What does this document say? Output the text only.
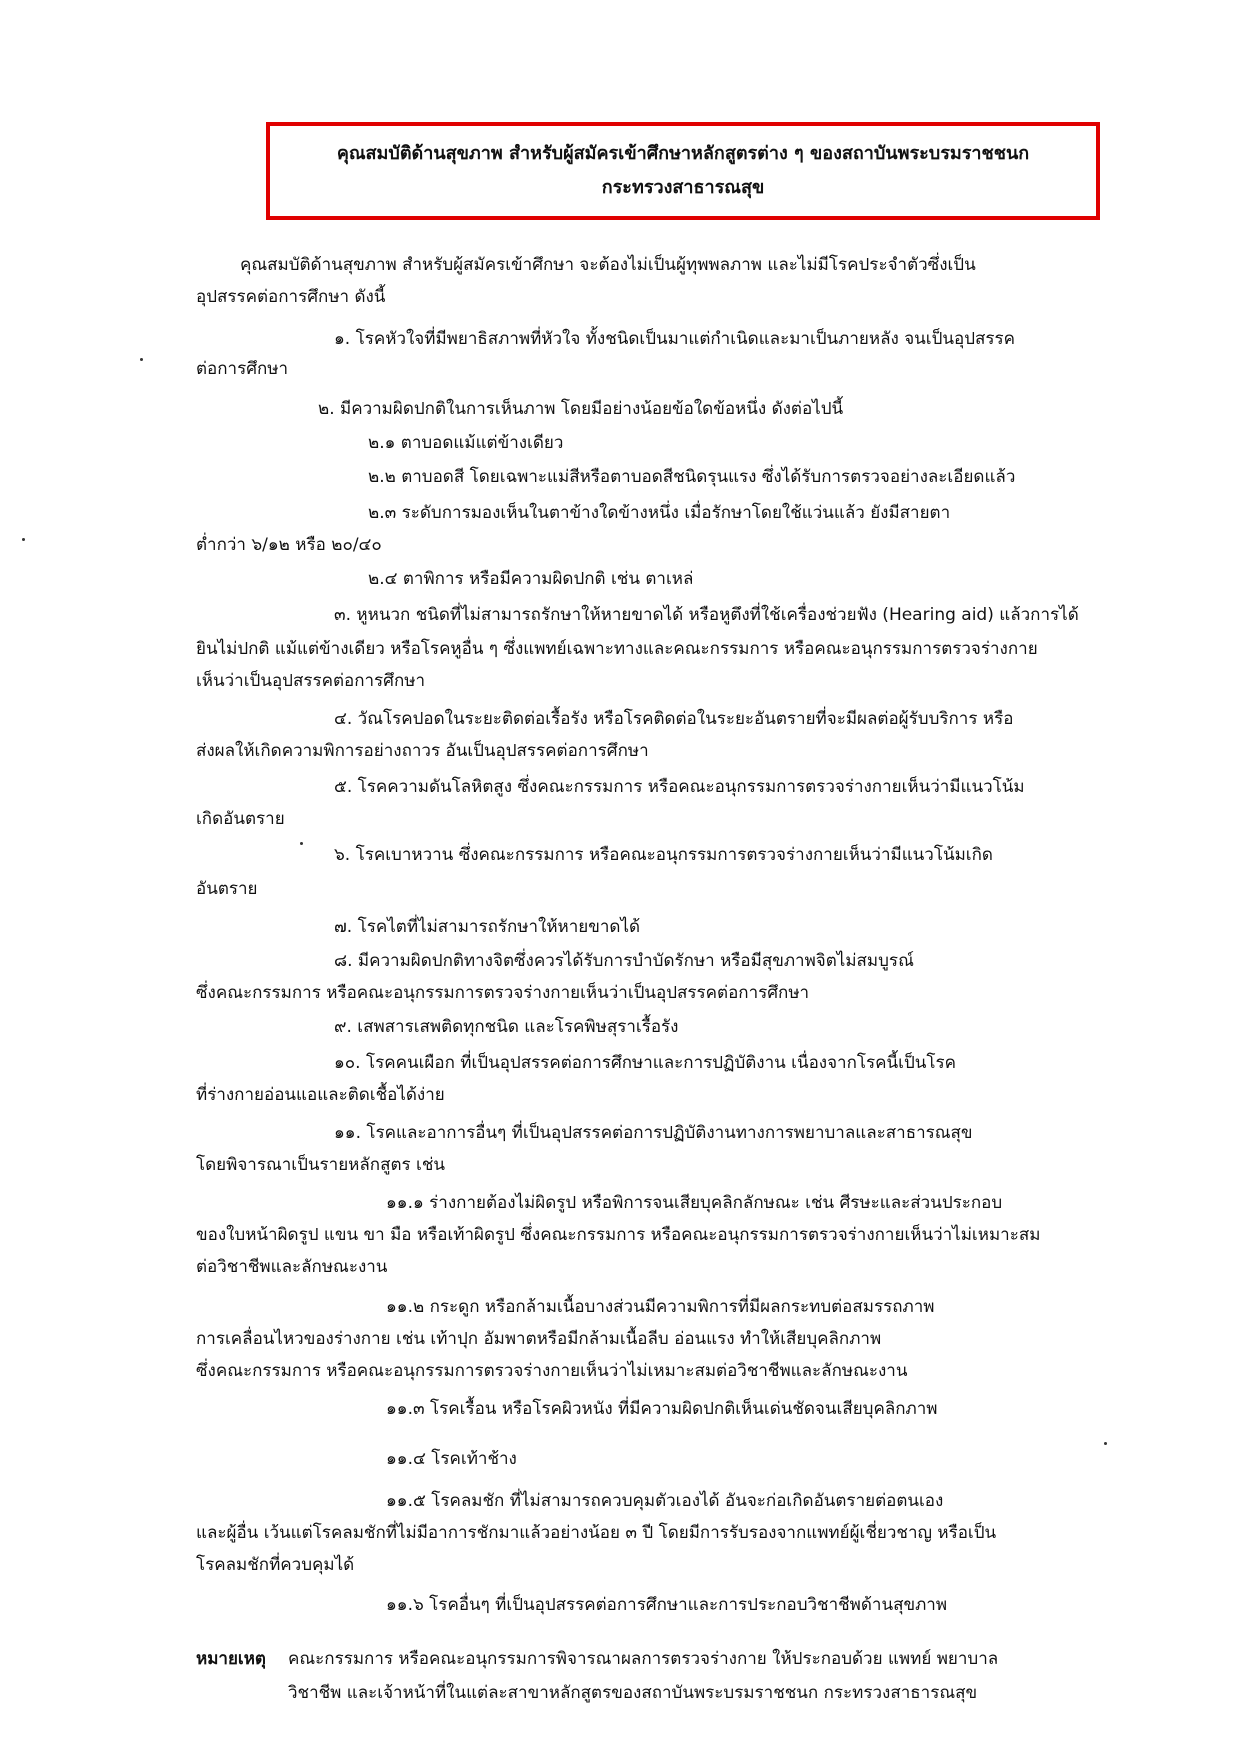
คุณสมบัติด้านสุขภาพ สำหรับผู้สมัครเข้าศึกษาหลักสูตรต่าง ๆ ของสถาบันพระบรมราชชนก
กระทรวงสาธารณสุข
คุณสมบัติด้านสุขภาพ สำหรับผู้สมัครเข้าศึกษา จะต้องไม่เป็นผู้ทุพพลภาพ และไม่มีโรคประจำตัวซึ่งเป็น
อุปสรรคต่อการศึกษา ดังนี้
๑. โรคหัวใจที่มีพยาธิสภาพที่หัวใจ ทั้งชนิดเป็นมาแต่กำเนิดและมาเป็นภายหลัง จนเป็นอุปสรรค
ต่อการศึกษา
๒. มีความผิดปกติในการเห็นภาพ โดยมีอย่างน้อยข้อใดข้อหนึ่ง ดังต่อไปนี้
๒.๑ ตาบอดแม้แต่ข้างเดียว
๒.๒ ตาบอดสี โดยเฉพาะแม่สีหรือตาบอดสีชนิดรุนแรง ซึ่งได้รับการตรวจอย่างละเอียดแล้ว
๒.๓ ระดับการมองเห็นในตาข้างใดข้างหนึ่ง เมื่อรักษาโดยใช้แว่นแล้ว ยังมีสายตา
ต่ำกว่า ๖/๑๒ หรือ ๒๐/๔๐
๒.๔ ตาพิการ หรือมีความผิดปกติ เช่น ตาเหล่
๓. หูหนวก ชนิดที่ไม่สามารถรักษาให้หายขาดได้ หรือหูตึงที่ใช้เครื่องช่วยฟัง (Hearing aid) แล้วการได้
ยินไม่ปกติ แม้แต่ข้างเดียว หรือโรคหูอื่น ๆ ซึ่งแพทย์เฉพาะทางและคณะกรรมการ หรือคณะอนุกรรมการตรวจร่างกาย
เห็นว่าเป็นอุปสรรคต่อการศึกษา
๔. วัณโรคปอดในระยะติดต่อเรื้อรัง หรือโรคติดต่อในระยะอันตรายที่จะมีผลต่อผู้รับบริการ หรือ
ส่งผลให้เกิดความพิการอย่างถาวร อันเป็นอุปสรรคต่อการศึกษา
๕. โรคความดันโลหิตสูง ซึ่งคณะกรรมการ หรือคณะอนุกรรมการตรวจร่างกายเห็นว่ามีแนวโน้ม
เกิดอันตราย
๖. โรคเบาหวาน ซึ่งคณะกรรมการ หรือคณะอนุกรรมการตรวจร่างกายเห็นว่ามีแนวโน้มเกิด
อันตราย
๗. โรคไตที่ไม่สามารถรักษาให้หายขาดได้
๘. มีความผิดปกติทางจิตซึ่งควรได้รับการบำบัดรักษา หรือมีสุขภาพจิตไม่สมบูรณ์
ซึ่งคณะกรรมการ หรือคณะอนุกรรมการตรวจร่างกายเห็นว่าเป็นอุปสรรคต่อการศึกษา
๙. เสพสารเสพติดทุกชนิด และโรคพิษสุราเรื้อรัง
๑๐. โรคคนเผือก ที่เป็นอุปสรรคต่อการศึกษาและการปฏิบัติงาน เนื่องจากโรคนี้เป็นโรค
ที่ร่างกายอ่อนแอและติดเชื้อได้ง่าย
๑๑. โรคและอาการอื่นๆ ที่เป็นอุปสรรคต่อการปฏิบัติงานทางการพยาบาลและสาธารณสุข
โดยพิจารณาเป็นรายหลักสูตร เช่น
๑๑.๑ ร่างกายต้องไม่ผิดรูป หรือพิการจนเสียบุคลิกลักษณะ เช่น ศีรษะและส่วนประกอบ
ของใบหน้าผิดรูป แขน ขา มือ หรือเท้าผิดรูป ซึ่งคณะกรรมการ หรือคณะอนุกรรมการตรวจร่างกายเห็นว่าไม่เหมาะสม
ต่อวิชาชีพและลักษณะงาน
๑๑.๒ กระดูก หรือกล้ามเนื้อบางส่วนมีความพิการที่มีผลกระทบต่อสมรรถภาพ
การเคลื่อนไหวของร่างกาย เช่น เท้าปุก อัมพาตหรือมีกล้ามเนื้อลีบ อ่อนแรง ทำให้เสียบุคลิกภาพ
ซึ่งคณะกรรมการ หรือคณะอนุกรรมการตรวจร่างกายเห็นว่าไม่เหมาะสมต่อวิชาชีพและลักษณะงาน
๑๑.๓ โรคเรื้อน หรือโรคผิวหนัง ที่มีความผิดปกติเห็นเด่นชัดจนเสียบุคลิกภาพ
๑๑.๔ โรคเท้าช้าง
๑๑.๕ โรคลมชัก ที่ไม่สามารถควบคุมตัวเองได้ อันจะก่อเกิดอันตรายต่อตนเอง
และผู้อื่น เว้นแต่โรคลมชักที่ไม่มีอาการชักมาแล้วอย่างน้อย ๓ ปี โดยมีการรับรองจากแพทย์ผู้เชี่ยวชาญ หรือเป็น
โรคลมชักที่ควบคุมได้
๑๑.๖ โรคอื่นๆ ที่เป็นอุปสรรคต่อการศึกษาและการประกอบวิชาชีพด้านสุขภาพ
หมายเหตุ คณะกรรมการ หรือคณะอนุกรรมการพิจารณาผลการตรวจร่างกาย ให้ประกอบด้วย แพทย์ พยาบาล
วิชาชีพ และเจ้าหน้าที่ในแต่ละสาขาหลักสูตรของสถาบันพระบรมราชชนก กระทรวงสาธารณสุข
